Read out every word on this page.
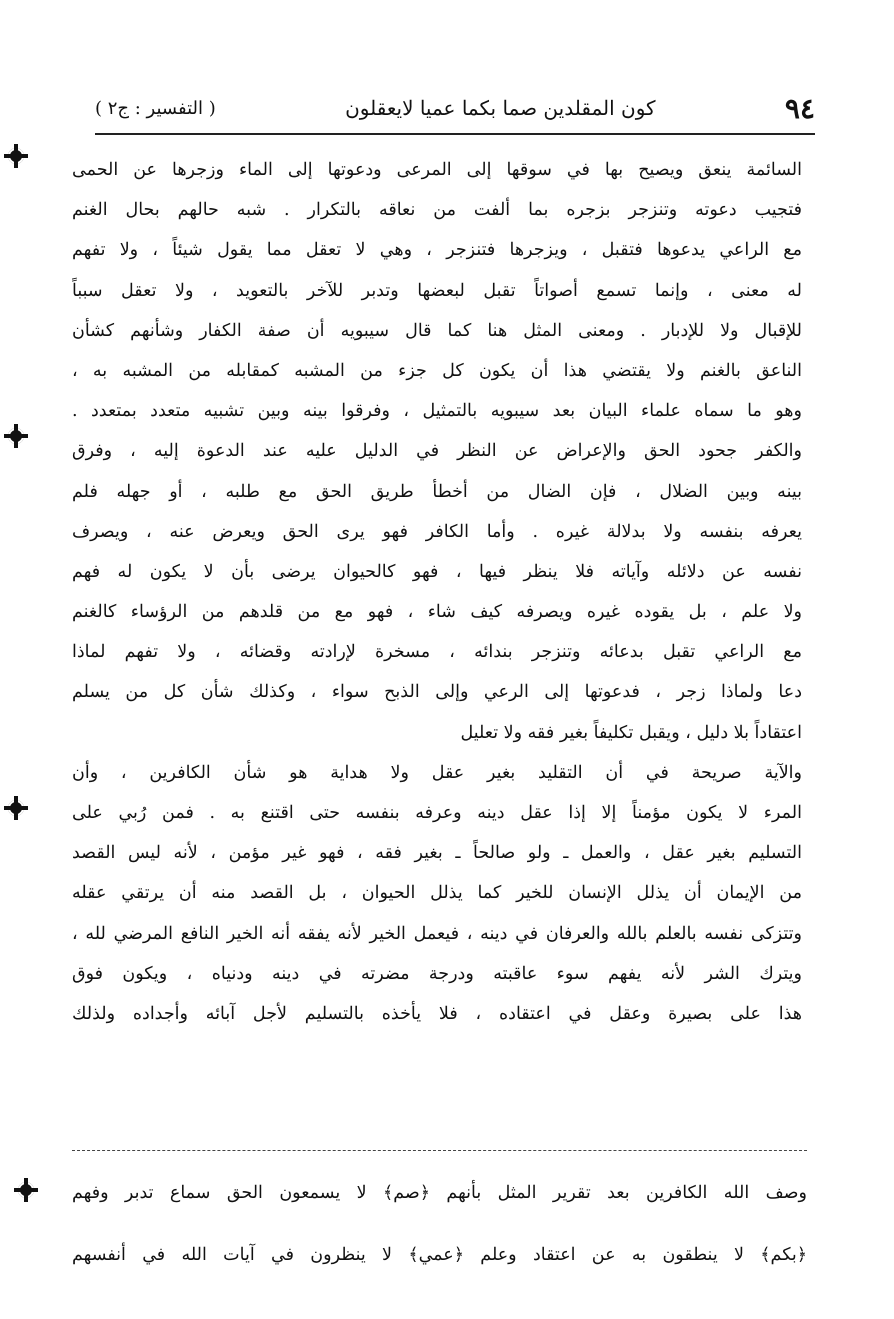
٩٤
كون المقلدين صما بكما عميا لايعقلون
( التفسير : ج٢ )
السائمة ينعق ويصيح بها في سوقها إلى المرعى ودعوتها إلى الماء وزجرها عن الحمى
فتجيب دعوته وتنزجر بزجره بما ألفت من نعاقه بالتكرار . شبه حالهم بحال الغنم
مع الراعي يدعوها فتقبل ، ويزجرها فتنزجر ، وهي لا تعقل مما يقول شيئاً ، ولا تفهم
له معنى ، وإنما تسمع أصواتاً تقبل لبعضها وتدبر للآخر بالتعويد ، ولا تعقل سبباً
للإقبال ولا للإدبار . ومعنى المثل هنا كما قال سيبويه أن صفة الكفار وشأنهم كشأن
الناعق بالغنم ولا يقتضي هذا أن يكون كل جزء من المشبه كمقابله من المشبه به ،
وهو ما سماه علماء البيان بعد سيبويه بالتمثيل ، وفرقوا بينه وبين تشبيه متعدد بمتعدد .
والكفر جحود الحق والإعراض عن النظر في الدليل عليه عند الدعوة إليه ، وفرق
بينه وبين الضلال ، فإن الضال من أخطأ طريق الحق مع طلبه ، أو جهله فلم
يعرفه بنفسه ولا بدلالة غيره . وأما الكافر فهو يرى الحق ويعرض عنه ، ويصرف
نفسه عن دلائله وآياته فلا ينظر فيها ، فهو كالحيوان يرضى بأن لا يكون له فهم
ولا علم ، بل يقوده غيره ويصرفه كيف شاء ، فهو مع من قلدهم من الرؤساء كالغنم
مع الراعي تقبل بدعائه وتنزجر بندائه ، مسخرة لإرادته وقضائه ، ولا تفهم لماذا
دعا ولماذا زجر ، فدعوتها إلى الرعي وإلى الذبح سواء ، وكذلك شأن كل من يسلم
اعتقاداً بلا دليل ، ويقبل تكليفاً بغير فقه ولا تعليل
والآية صريحة في أن التقليد بغير عقل ولا هداية هو شأن الكافرين ، وأن
المرء لا يكون مؤمناً إلا إذا عقل دينه وعرفه بنفسه حتى اقتنع به . فمن رُبي على
التسليم بغير عقل ، والعمل ـ ولو صالحاً ـ بغير فقه ، فهو غير مؤمن ، لأنه ليس القصد
من الإيمان أن يذلل الإنسان للخير كما يذلل الحيوان ، بل القصد منه أن يرتقي عقله
وتتزكى نفسه بالعلم بالله والعرفان في دينه ، فيعمل الخير لأنه يفقه أنه الخير النافع المرضي لله ،
ويترك الشر لأنه يفهم سوء عاقبته ودرجة مضرته في دينه ودنياه ، ويكون فوق
هذا على بصيرة وعقل في اعتقاده ، فلا يأخذه بالتسليم لأجل آبائه وأجداده ولذلك
وصف الله الكافرين بعد تقرير المثل بأنهم ﴿صم﴾ لا يسمعون الحق سماع تدبر وفهم
﴿بكم﴾ لا ينطقون به عن اعتقاد وعلم ﴿عمي﴾ لا ينظرون في آيات الله في أنفسهم
